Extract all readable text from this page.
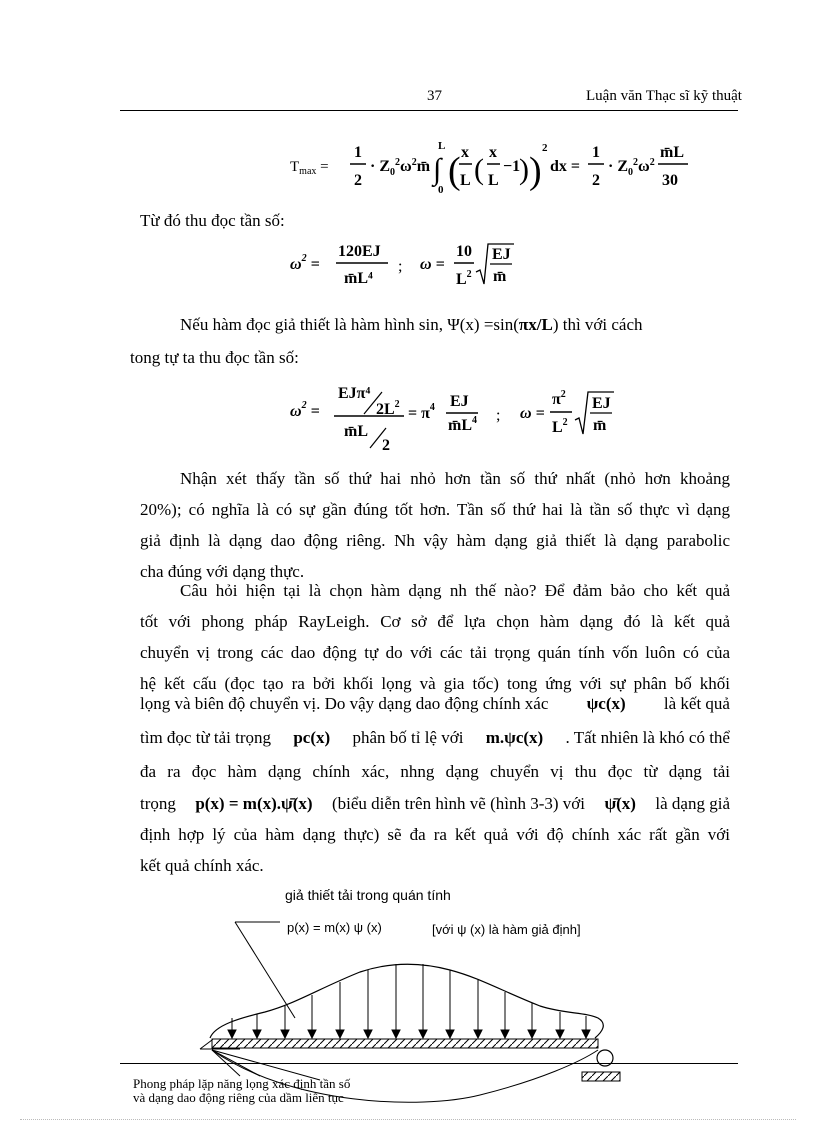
37	Luận văn Thạc sĩ kỹ thuật
$T_{max}$ =
1
2
· $Z_0^2\omega^2m̄$ ∫
L
0 ( x
L (
x
L
−1
) )
2
dx =
1
2
· $Z_0^2\omega^2$
m̄L
30
Từ đó thu đọc tần số:
$\omega^2$ =
120EJ
m̄L⁴
; ω =
10
$L^2$
EJ
m̄
Nếu hàm đọc giả thiết là hàm hình sin, Ψ(x) =sin(πx/L) thì với cách
tong tự ta thu đọc tần số:
$\omega^2$ =
EJπ⁴
$2L^2$
m̄L
2
= $\pi^4$ EJ
$m̄L^4$ ; ω =
$\pi^2$
$L^2$
EJ
m̄

Nhận xét thấy tần số thứ hai nhỏ hơn tần số thứ nhất (nhỏ hơn khoảng

20%); có nghĩa là có sự gần đúng tốt hơn. Tần số thứ hai là tần số thực vì dạng

giả định là dạng dao động riêng. Nh vậy hàm dạng giả thiết là dạng parabolic

cha đúng với dạng thực.

Câu hỏi hiện tại là chọn hàm dạng nh thế nào? Để đảm bảo cho kết quả

tốt với phong pháp RayLeigh. Cơ sở để lựa chọn hàm dạng đó là kết quả

chuyển vị trong các dao động tự do với các tải trọng quán tính vốn luôn có của

hệ kết cấu (đọc tạo ra bởi khối lọng và gia tốc) tong ứng với sự phân bố khối

lọng và biên độ chuyển vị. Do vậy dạng dao động chính xác ψc(x) là kết quả
tìm đọc từ tải trọng pc(x) phân bố tỉ lệ với m.ψc(x) . Tất nhiên là khó có thể
đa ra đọc hàm dạng chính xác, nhng dạng chuyển vị thu đọc từ dạng tải
trọng p(x) = m(x).ψ̄(x) (biểu diễn trên hình vẽ (hình 3-3) với ψ̄(x) là dạng giả
định hợp lý của hàm dạng thực) sẽ đa ra kết quả với độ chính xác rất gần với
kết quả chính xác.
giả thiết tải trong quán tính
p(x) = m(x) ψ (x)	[với ψ (x) là hàm giả định]
Phong pháp lặp năng lọng xác định tần số
và dạng dao động riêng của dầm liên tục
